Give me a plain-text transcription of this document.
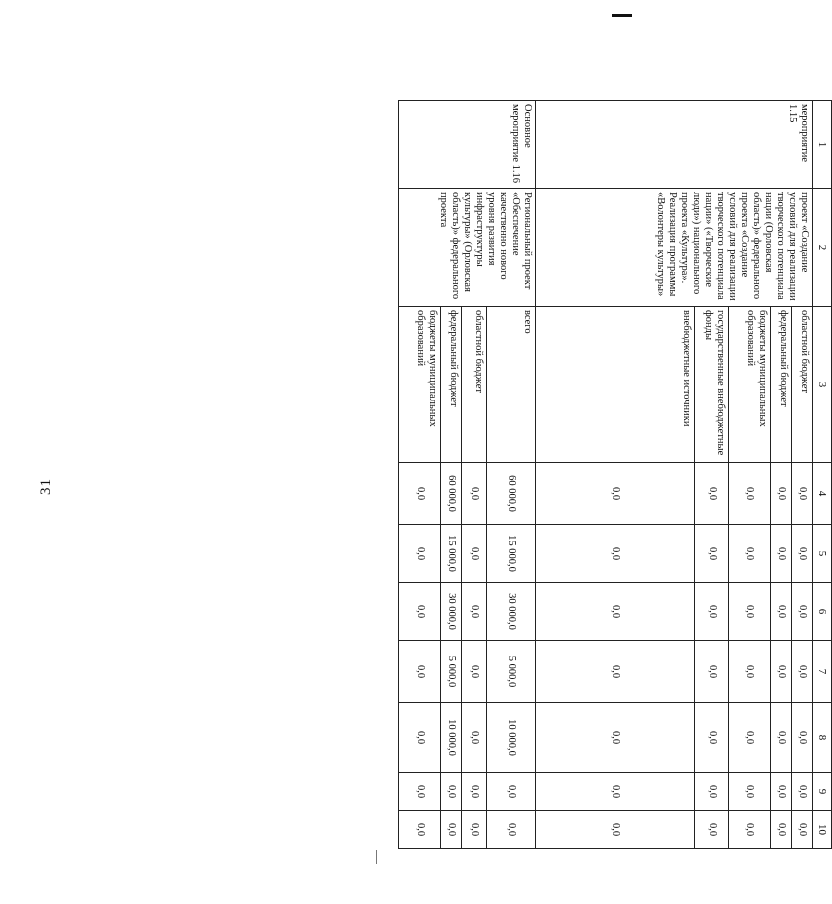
31
1	2	3	4	5	6	7	8	9	10
мероприятие
1.15	проект «Создание условий для реализации творческого потенциала нации (Орловская область)» федерального проекта «Создание условий для реализации творческого потенциала нации» («Творческие люди») национального проекта «Культура». Реализация программы «Волонтеры культуры»	областной бюджет	0,0	0,0	0,0	0,0	0,0	0,0	0,0
		федеральный бюджет	0,0	0,0	0,0	0,0	0,0	0,0	0,0
		бюджеты муниципальных образований	0,0	0,0	0,0	0,0	0,0	0,0	0,0
		государственные внебюджетные фонды	0,0	0,0	0,0	0,0	0,0	0,0	0,0
		внебюджетные источники	0,0	0,0	0,0	0,0	0,0	0,0	0,0
Основное мероприятие 1.16	Региональный проект «Обеспечение качественно нового уровня развития инфраструктуры культуры» (Орловская область)» федерального проекта	всего	60 000,0	15 000,0	30 000,0	5 000,0	10 000,0	0,0	0,0
		областной бюджет	0,0	0,0	0,0	0,0	0,0	0,0	0,0
		федеральный бюджет	60 000,0	15 000,0	30 000,0	5 000,0	10 000,0	0,0	0,0
		бюджеты муниципальных образований	0,0	0,0	0,0	0,0	0,0	0,0	0,0
